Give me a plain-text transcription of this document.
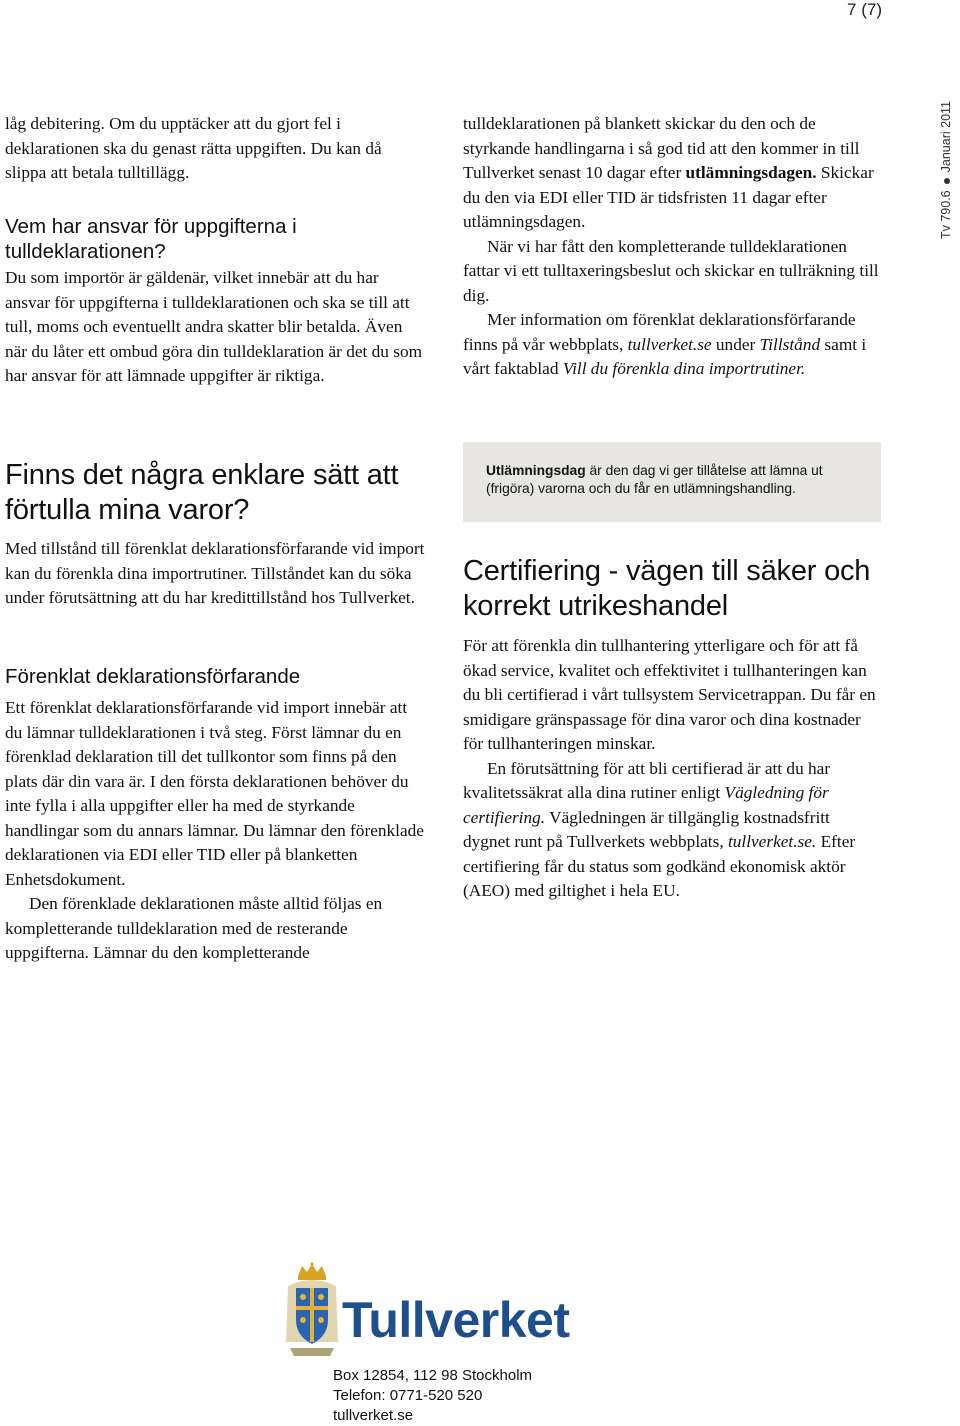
7 (7)
Tv 790.6Januari 2011

låg debitering. Om du upptäcker att du gjort fel i deklarationen ska du genast rätta uppgiften. Du kan då slippa att betala tulltillägg.

Vem har ansvar för uppgifterna i tulldeklarationen?

Du som importör är gäldenär, vilket innebär att du har ansvar för uppgifterna i tulldeklarationen och ska se till att tull, moms och eventuellt andra skatter blir betalda. Även när du låter ett ombud göra din tulldeklaration är det du som har ansvar för att lämnade uppgifter är riktiga.

Finns det några enklare sätt att förtulla mina varor?

Med tillstånd till förenklat deklarationsförfarande vid import kan du förenkla dina importrutiner. Tillståndet kan du söka under förutsättning att du har kredittillstånd hos Tullverket.

Förenklat deklarationsförfarande

Ett förenklat deklarationsförfarande vid import innebär att du lämnar tulldeklarationen i två steg. Först lämnar du en förenklad deklaration till det tullkontor som finns på den plats där din vara är. I den första deklarationen behöver du inte fylla i alla uppgifter eller ha med de styrkande handlingar som du annars lämnar. Du lämnar den förenklade deklarationen via EDI eller TID eller på blanketten Enhetsdokument.

Den förenklade deklarationen måste alltid följas en kompletterande tulldeklaration med de resterande uppgifterna. Lämnar du den kompletterande

tulldeklarationen på blankett skickar du den och de styrkande handlingarna i så god tid att den kommer in till Tullverket senast 10 dagar efter utlämningsdagen. Skickar du den via EDI eller TID är tidsfristen 11 dagar efter utlämningsdagen.

När vi har fått den kompletterande tulldeklarationen fattar vi ett tulltaxeringsbeslut och skickar en tullräkning till dig.

Mer information om förenklat deklarationsförfarande finns på vår webbplats, tullverket.se under Tillstånd samt i vårt faktablad Vill du förenkla dina importrutiner.

Utlämningsdag är den dag vi ger tillåtelse att lämna ut (frigöra) varorna och du får en utlämningshandling.
Certifiering - vägen till säker och korrekt utrikeshandel

För att förenkla din tullhantering ytterligare och för att få ökad service, kvalitet och effektivitet i tullhanteringen kan du bli certifierad i vårt tullsystem Servicetrappan. Du får en smidigare gränspassage för dina varor och dina kostnader för tullhanteringen minskar.

En förutsättning för att bli certifierad är att du har kvalitetssäkrat alla dina rutiner enligt Vägledning för certifiering. Vägledningen är tillgänglig kostnadsfritt dygnet runt på Tullverkets webbplats, tullverket.se. Efter certifiering får du status som godkänd ekonomisk aktör (AEO) med giltighet i hela EU.

Tullverket
Box 12854, 112 98 Stockholm
Telefon: 0771-520 520
tullverket.se
